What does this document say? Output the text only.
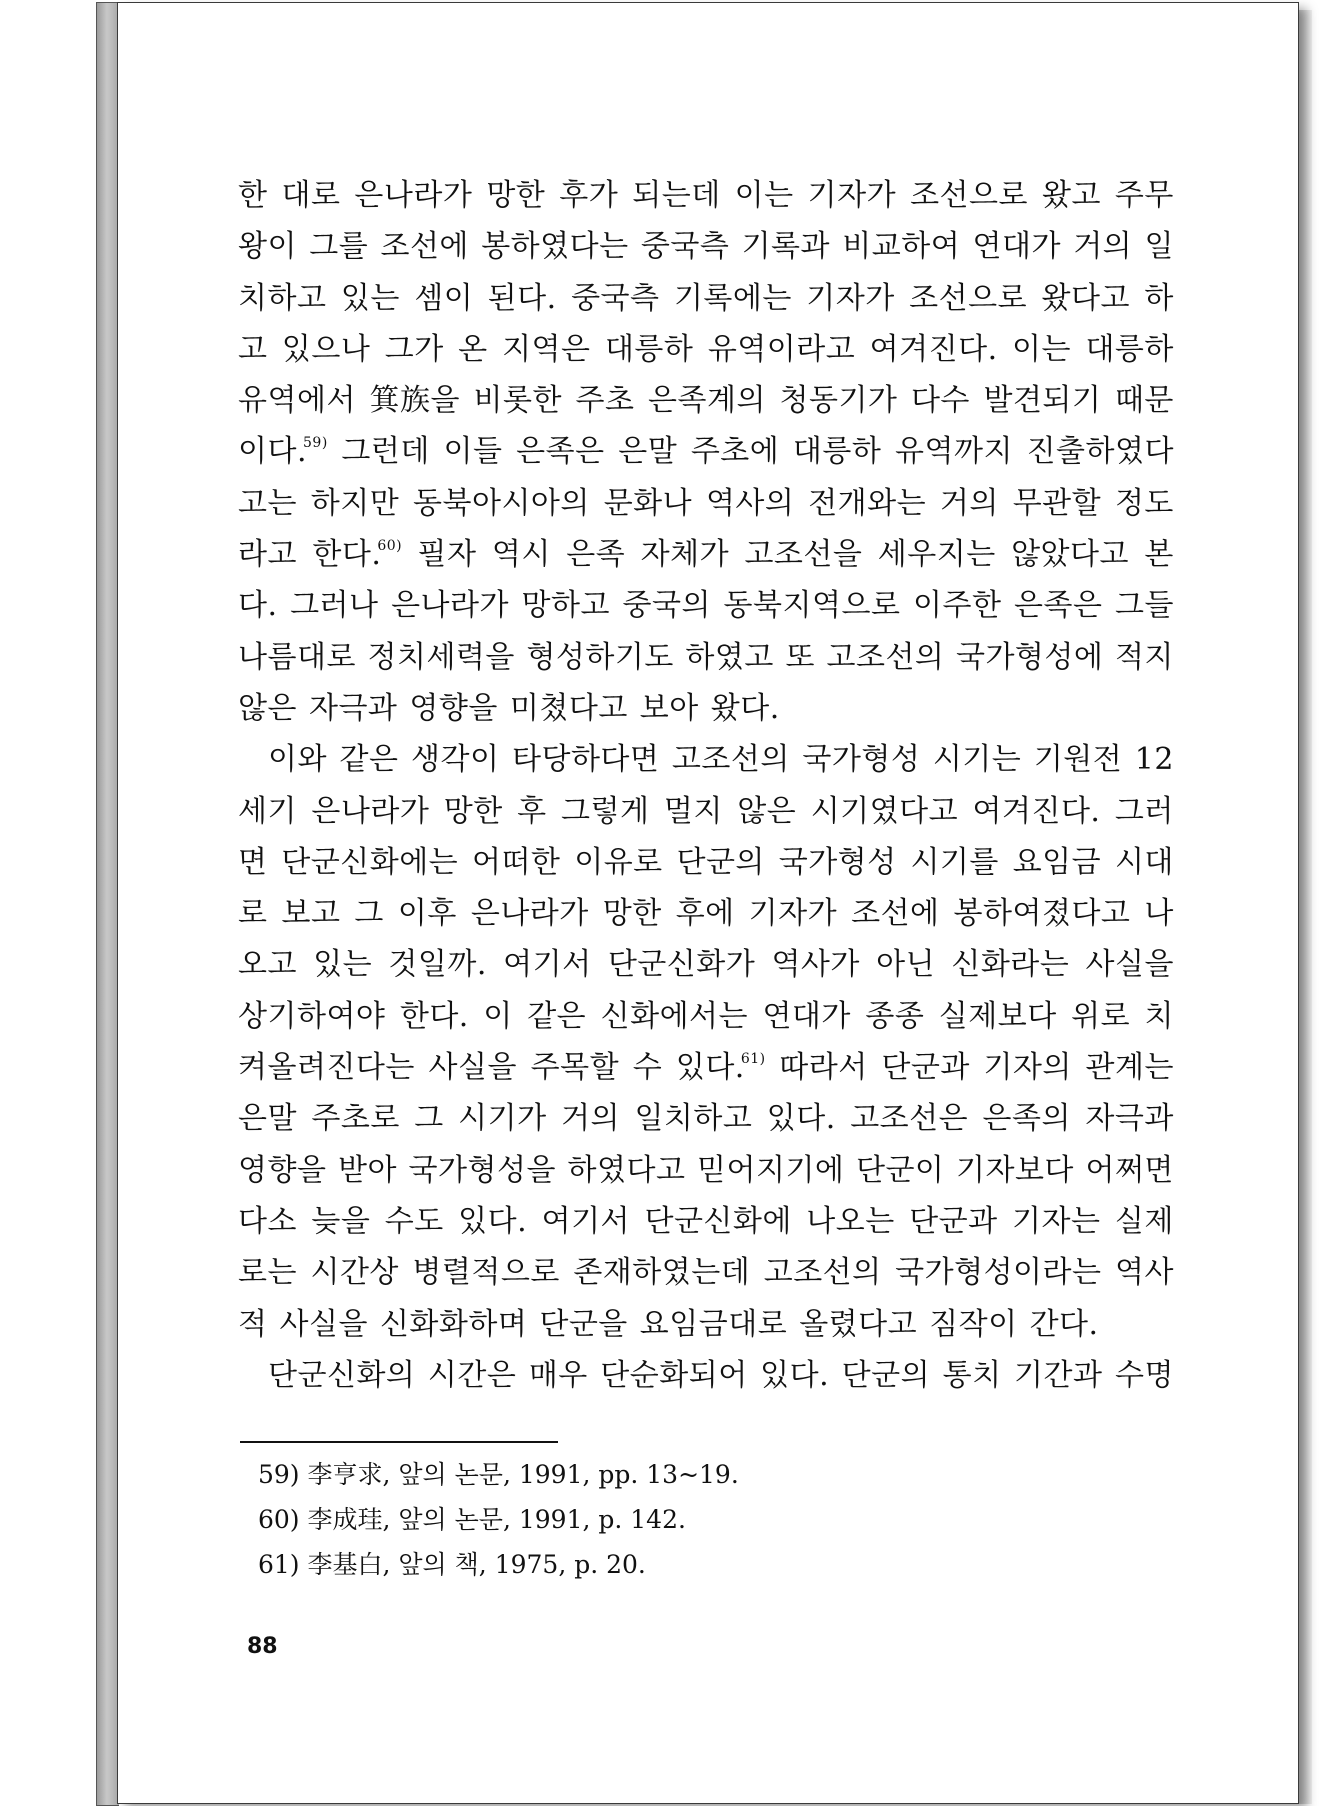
한 대로 은나라가 망한 후가 되는데 이는 기자가 조선으로 왔고 주무
왕이 그를 조선에 봉하였다는 중국측 기록과 비교하여 연대가 거의 일
치하고 있는 셈이 된다. 중국측 기록에는 기자가 조선으로 왔다고 하
고 있으나 그가 온 지역은 대릉하 유역이라고 여겨진다. 이는 대릉하
유역에서 箕族을 비롯한 주초 은족계의 청동기가 다수 발견되기 때문
이다.$^{59)}$ 그런데 이들 은족은 은말 주초에 대릉하 유역까지 진출하였다
고는 하지만 동북아시아의 문화나 역사의 전개와는 거의 무관할 정도
라고 한다.$^{60)}$ 필자 역시 은족 자체가 고조선을 세우지는 않았다고 본
다. 그러나 은나라가 망하고 중국의 동북지역으로 이주한 은족은 그들
나름대로 정치세력을 형성하기도 하였고 또 고조선의 국가형성에 적지
않은 자극과 영향을 미쳤다고 보아 왔다.
이와 같은 생각이 타당하다면 고조선의 국가형성 시기는 기원전 12
세기 은나라가 망한 후 그렇게 멀지 않은 시기였다고 여겨진다. 그러
면 단군신화에는 어떠한 이유로 단군의 국가형성 시기를 요임금 시대
로 보고 그 이후 은나라가 망한 후에 기자가 조선에 봉하여졌다고 나
오고 있는 것일까. 여기서 단군신화가 역사가 아닌 신화라는 사실을
상기하여야 한다. 이 같은 신화에서는 연대가 종종 실제보다 위로 치
켜올려진다는 사실을 주목할 수 있다.$^{61)}$ 따라서 단군과 기자의 관계는
은말 주초로 그 시기가 거의 일치하고 있다. 고조선은 은족의 자극과
영향을 받아 국가형성을 하였다고 믿어지기에 단군이 기자보다 어쩌면
다소 늦을 수도 있다. 여기서 단군신화에 나오는 단군과 기자는 실제
로는 시간상 병렬적으로 존재하였는데 고조선의 국가형성이라는 역사
적 사실을 신화화하며 단군을 요임금대로 올렸다고 짐작이 간다.
단군신화의 시간은 매우 단순화되어 있다. 단군의 통치 기간과 수명
59) 李亨求, 앞의 논문, 1991, pp. 13~19.
60) 李成珪, 앞의 논문, 1991, p. 142.
61) 李基白, 앞의 책, 1975, p. 20.
88
